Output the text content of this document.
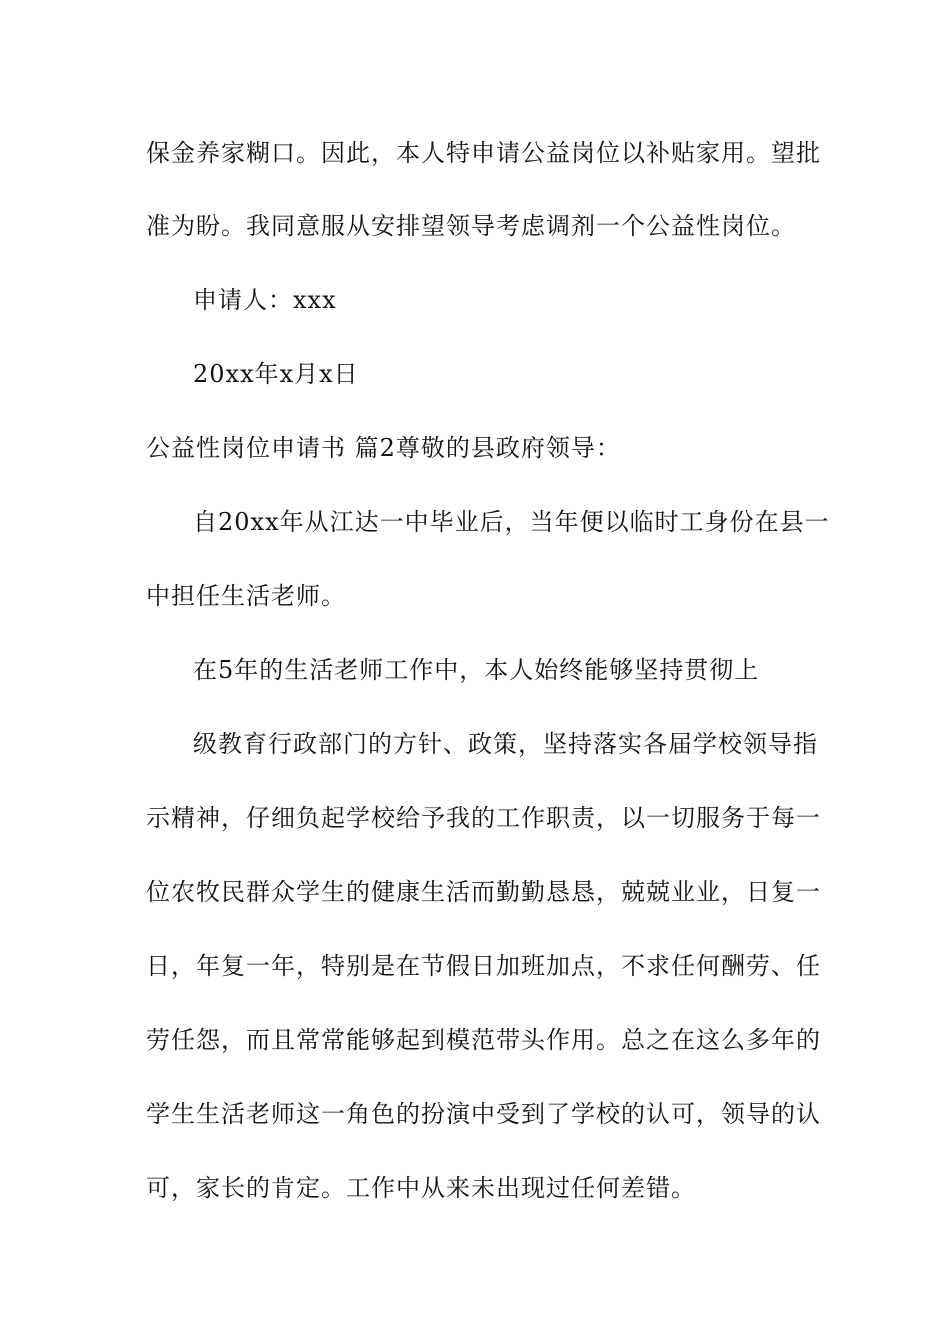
保金养家糊口。因此，本人特申请公益岗位以补贴家用。望批
准为盼。我同意服从安排望领导考虑调剂一个公益性岗位。
申请人：xxx
20xx年x月x日
公益性岗位申请书 篇2尊敬的县政府领导：
自20xx年从江达一中毕业后，当年便以临时工身份在县一
中担任生活老师。
在5年的生活老师工作中，本人始终能够坚持贯彻上
级教育行政部门的方针、政策，坚持落实各届学校领导指
示精神，仔细负起学校给予我的工作职责，以一切服务于每一
位农牧民群众学生的健康生活而勤勤恳恳，兢兢业业，日复一
日，年复一年，特别是在节假日加班加点，不求任何酬劳、任
劳任怨，而且常常能够起到模范带头作用。总之在这么多年的
学生生活老师这一角色的扮演中受到了学校的认可，领导的认
可，家长的肯定。工作中从来未出现过任何差错。
